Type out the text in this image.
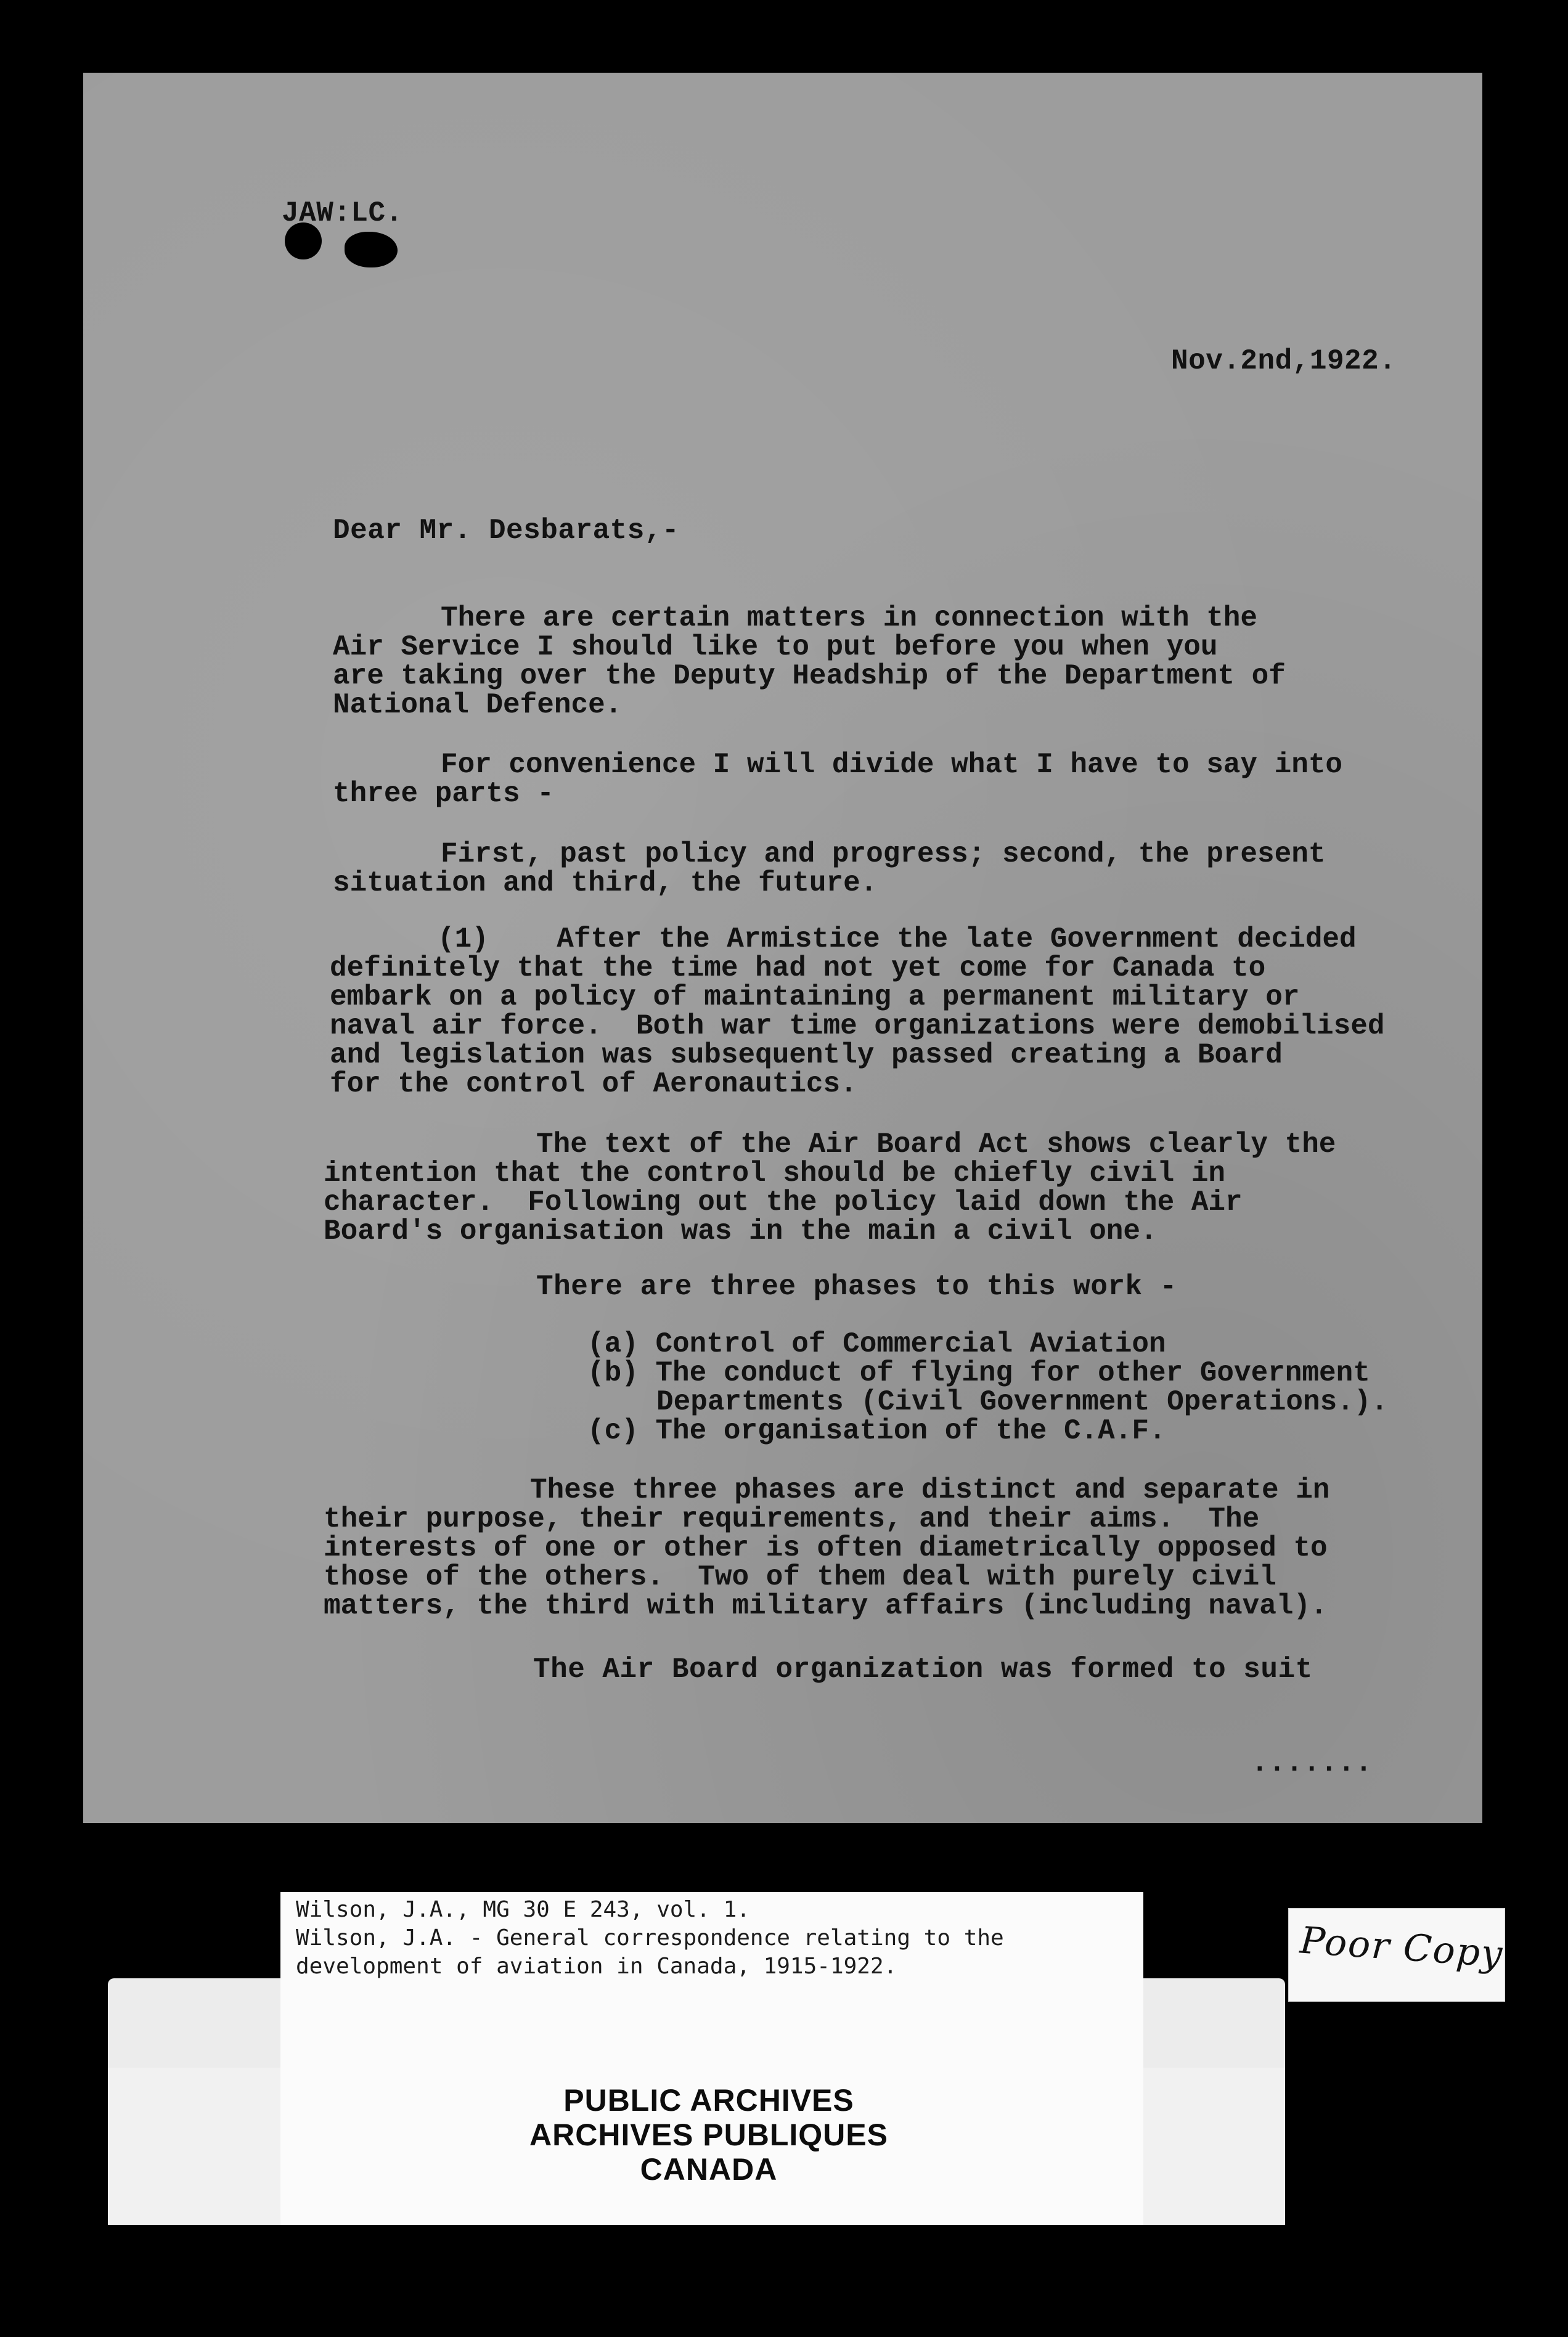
JAW:LC.
Nov.2nd,1922.
Dear Mr. Desbarats,-
There are certain matters in connection with the
Air Service I should like to put before you when you
are taking over the Deputy Headship of the Department of
National Defence.
For convenience I will divide what I have to say into
three parts -
First, past policy and progress; second, the present
situation and third, the future.
(1)    After the Armistice the late Government decided
definitely that the time had not yet come for Canada to
embark on a policy of maintaining a permanent military or
naval air force.  Both war time organizations were demobilised
and legislation was subsequently passed creating a Board
for the control of Aeronautics.
The text of the Air Board Act shows clearly the
intention that the control should be chiefly civil in
character.  Following out the policy laid down the Air
Board's organisation was in the main a civil one.
There are three phases to this work -
(a) Control of Commercial Aviation
(b) The conduct of flying for other Government
Departments (Civil Government Operations.).
(c) The organisation of the C.A.F.
These three phases are distinct and separate in
their purpose, their requirements, and their aims.  The
interests of one or other is often diametrically opposed to
those of the others.  Two of them deal with purely civil
matters, the third with military affairs (including naval).
The Air Board organization was formed to suit
.......
Wilson, J.A., MG 30 E 243, vol. 1.
Wilson, J.A. - General correspondence relating to the
development of aviation in Canada, 1915-1922.
PUBLIC ARCHIVES
ARCHIVES PUBLIQUES
CANADA
Poor Copy
